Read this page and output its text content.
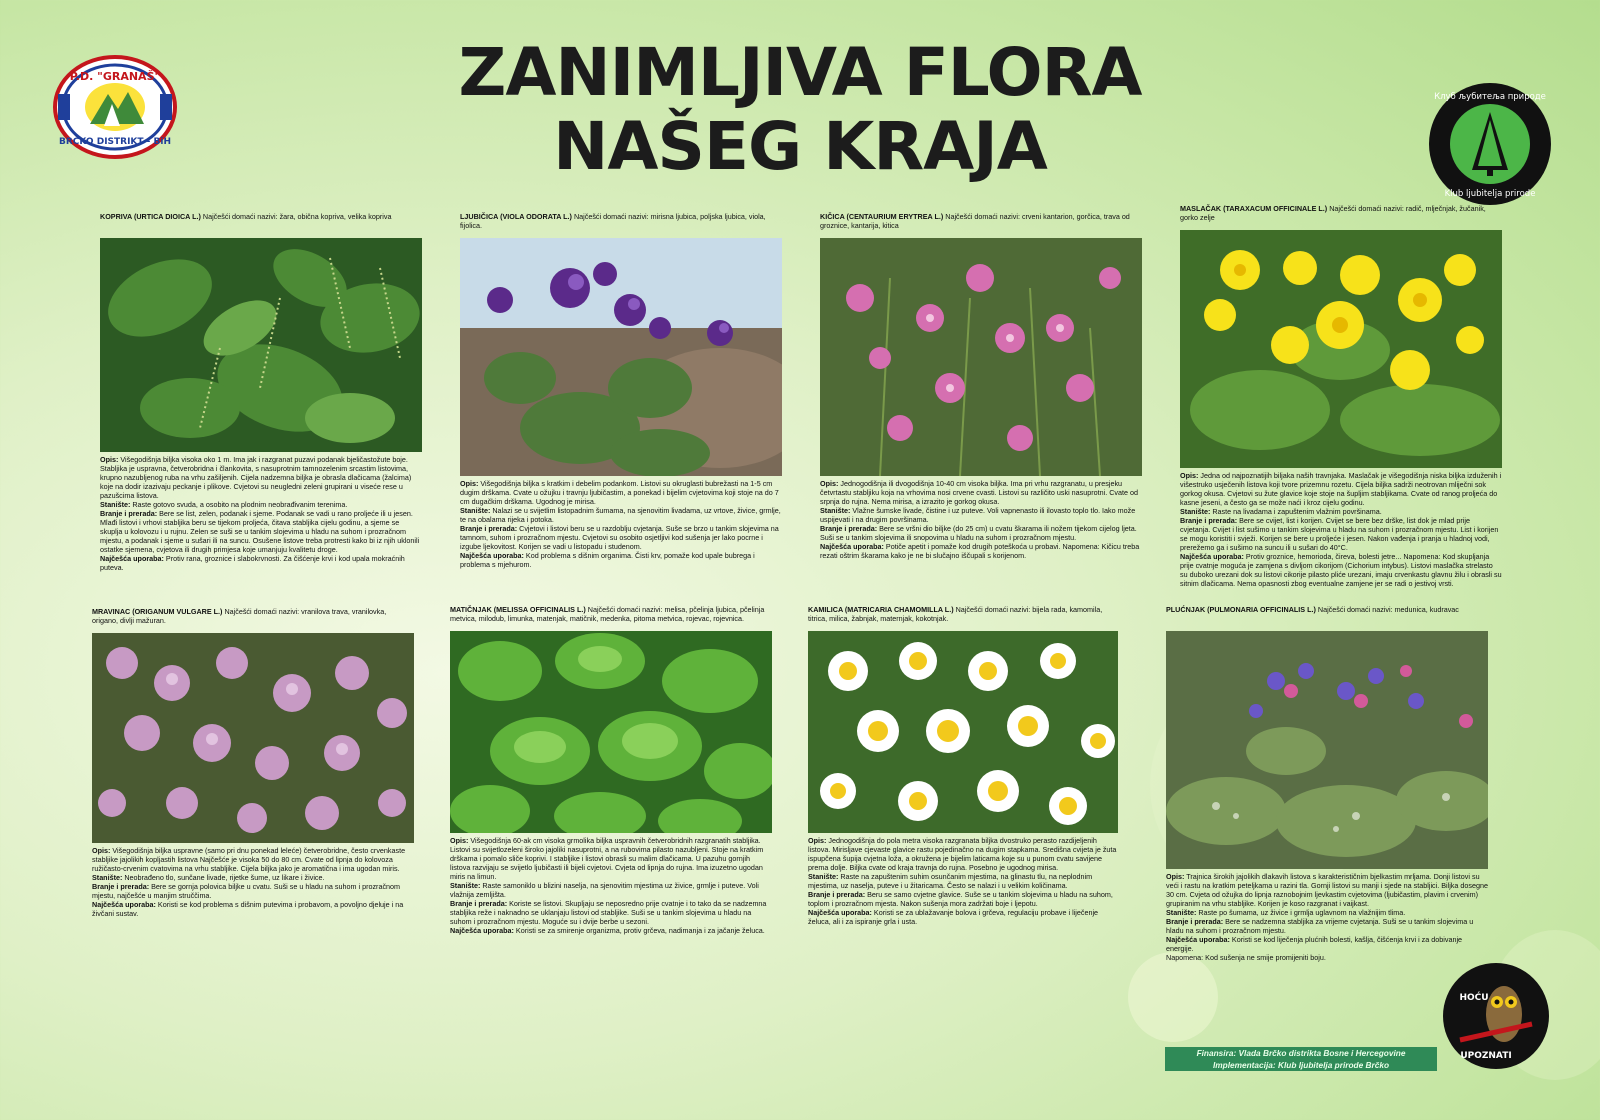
P.D. "GRANAŠ"
BRČKO DISTRIKT - BiH
ZANIMLJIVA FLORA
NAŠEG KRAJA
Клуб љубитеља природе
Klub ljubitelja prirode
KOPRIVA (URTICA DIOICA L.) Najčešći domaći nazivi: žara, obična kopriva, velika kopriva

Opis: Višegodišnja biljka visoka oko 1 m. Ima jak i razgranat puzavi podanak bjeličastožute boje. Stabljika je uspravna, četverobridna i člankovita, s nasuprotnim tamnozelenim srcastim listovima, krupno nazubljenog ruba na vrhu zašiljenih. Cijela nadzemna biljka je obrasla dlačicama (žalcima) koje na dodir izazivaju peckanje i plikove. Cvjetovi su neugledni zeleni grupirani u viseće rese u pazušcima listova.

Stanište: Raste gotovo svuda, a osobito na plodnim neobrađivanim terenima.

Branje i prerada: Bere se list, zelen, podanak i sjeme. Podanak se vadi u rano proljeće ili u jesen. Mlađi listovi i vrhovi stabljika beru se tijekom proljeća, čitava stabljika cijelu godinu, a sjeme se skuplja u kolovozu i u rujnu. Zelen se suši se u tankim slojevima u hladu na suhom i prozračnom mjestu, a podanak i sjeme u sušari ili na suncu. Osušene listove treba protresti kako bi iz njih uklonili ostatke sjemena, cvjetova ili drugih primjesa koje umanjuju kvalitetu droge.

Najčešća uporaba: Protiv rana, groznice i slabokrvnosti. Za čišćenje krvi i kod upala mokraćnih puteva.

LJUBIČICA (VIOLA ODORATA L.) Najčešći domaći nazivi: mirisna ljubica, poljska ljubica, viola, fijolica.

Opis: Višegodišnja biljka s kratkim i debelim podankom. Listovi su okruglasti bubrežasti na 1-5 cm dugim drškama. Cvate u ožujku i travnju ljubičastim, a ponekad i bijelim cvjetovima koji stoje na do 7 cm dugačkim drškama. Ugodnog je mirisa.

Stanište: Nalazi se u svijetlim listopadnim šumama, na sjenovitim livadama, uz vrtove, živice, grmlje, te na obalama rijeka i potoka.

Branje i prerada: Cvjetovi i listovi beru se u razdoblju cvjetanja. Suše se brzo u tankim slojevima na tamnom, suhom i prozračnom mjestu. Cvjetovi su osobito osjetljivi kod sušenja jer lako pocrne i izgube ljekovitost. Korijen se vadi u listopadu i studenom.

Najčešća uporaba: Kod problema s dišnim organima. Čisti krv, pomaže kod upale bubrega i problema s mjehurom.

KIČICA (CENTAURIUM ERYTREA L.) Najčešći domaći nazivi: crveni kantarion, gorčica, trava od groznice, kantarija, kitica

Opis: Jednogodišnja ili dvogodišnja 10-40 cm visoka biljka. Ima pri vrhu razgranatu, u presjeku četvrtastu stabljiku koja na vrhovima nosi crvene cvasti. Listovi su različito uski nasuprotni. Cvate od srpnja do rujna. Nema mirisa, a izrazito je gorkog okusa.

Stanište: Vlažne šumske livade, čistine i uz puteve. Voli vapnenasto ili ilovasto toplo tlo. Iako može uspijevati i na drugim površinama.

Branje i prerada: Bere se vršni dio biljke (do 25 cm) u cvatu škarama ili nožem tijekom cijelog ljeta. Suši se u tankim slojevima ili snopovima u hladu na suhom i prozračnom mjestu.

Najčešća uporaba: Potiče apetit i pomaže kod drugih poteškoća u probavi. Napomena: Kičicu treba rezati oštrim škarama kako je ne bi slučajno iščupali s korijenom.

MASLAČAK (TARAXACUM OFFICINALE L.) Najčešći domaći nazivi: radič, mlječnjak, žučanik, gorko zelje

Opis: Jedna od najpoznatijih biljaka naših travnjaka. Maslačak je višegodišnja niska biljka izduženih i višestruko usječenih listova koji tvore prizemnu rozetu. Cijela biljka sadrži neotrovan mliječni sok gorkog okusa. Cvjetovi su žute glavice koje stoje na šupljim stabljikama. Cvate od ranog proljeća do kasne jeseni, a često ga se može naći i kroz cijelu godinu.

Stanište: Raste na livadama i zapuštenim vlažnim površinama.

Branje i prerada: Bere se cvijet, list i korijen. Cvijet se bere bez drške, list dok je mlad prije cvjetanja. Cvijet i list sušimo u tankim slojevima u hladu na suhom i prozračnom mjestu. List i korijen se mogu koristiti i svježi. Korijen se bere u proljeće i jesen. Nakon vađenja i pranja u hladnoj vodi, prerežemo ga i sušimo na suncu ili u sušari do 40°C.

Najčešća uporaba: Protiv groznice, hemorioda, čireva, bolesti jetre... Napomena: Kod skupljanja prije cvatnje moguća je zamjena s divljom cikorijom (Cichorium intybus). Listovi maslačka strelasto su duboko urezani dok su listovi cikorije pilasto pliće urezani, imaju crvenkastu glavnu žilu i obrasli su sitnim dlačicama. Nema opasnosti zbog eventualne zamjene jer se radi o jestivoj vrsti.

MRAVINAC (ORIGANUM VULGARE L.) Najčešći domaći nazivi: vranilova trava, vranilovka, origano, divlji mažuran.

Opis: Višegodišnja biljka uspravne (samo pri dnu ponekad leleće) četverobridne, često crvenkaste stabljike jajolikih kopljastih listova Najčešće je visoka 50 do 80 cm. Cvate od lipnja do kolovoza ružičasto-crvenim cvatovima na vrhu stabljike. Cijela biljka jako je aromatična i ima ugodan miris.

Stanište: Neobrađeno tlo, sunčane livade, rijetke šume, uz likare i živice.

Branje i prerada: Bere se gornja polovica biljke u cvatu. Suši se u hladu na suhom i prozračnom mjestu, najčešće u manjim struččima.

Najčešća uporaba: Koristi se kod problema s dišnim putevima i probavom, a povoljno djeluje i na živčani sustav.

MATIČNJAK (MELISSA OFFICINALIS L.) Najčešći domaći nazivi: melisa, pčelinja ljubica, pčelinja metvica, milodub, limunka, matenjak, matičnik, medenka, pitoma metvica, rojevac, rojevnica.

Opis: Višegodišnja 60-ak cm visoka grmolika biljka uspravnih četverobridnih razgranatih stabljika. Listovi su svijetlozeleni široko jajoliki nasuprotni, a na rubovima pilasto nazubljeni. Stoje na kratkim drškama i pomalo sliče koprivi. I stabljike i listovi obrasli su malim dlačicama. U pazuhu gornjih listova razvijaju se svijetlo ljubičasti ili bijeli cvjetovi. Cvjeta od lipnja do rujna. Ima izuzetno ugodan miris na limun.

Stanište: Raste samoniklo u blizini naselja, na sjenovitim mjestima uz živice, grmlje i puteve. Voli vlažnija zemljišta.

Branje i prerada: Koriste se listovi. Skupljaju se neposredno prije cvatnje i to tako da se nadzemna stabljika reže i naknadno se uklanjaju listovi od stabljike. Suši se u tankim slojevima u hladu na suhom i prozračnom mjestu. Moguće su i dvije berbe u sezoni.

Najčešća uporaba: Koristi se za smirenje organizma, protiv grčeva, nadimanja i za jačanje želuca.

KAMILICA (MATRICARIA CHAMOMILLA L.) Najčešći domaći nazivi: bijela rada, kamomila, titrica, milica, žabnjak, maternjak, kokotnjak.

Opis: Jednogodišnja do pola metra visoka razgranata biljka dvostruko perasto razdijeljenih listova. Mirisljave cjevaste glavice rastu pojedinačno na dugim stapkama. Središna cvijeta je žuta ispupčena šupija cvjetna loža, a okružena je bijelim laticama koje su u punom cvatu savijene prema dolje. Biljka cvate od kraja travnja do rujna. Posebno je ugodnog mirisa.

Stanište: Raste na zapuštenim suhim osunčanim mjestima, na glinastu tlu, na neplodnim mjestima, uz naselja, puteve i u žitaricama. Često se nalazi i u velikim količinama.

Branje i prerada: Beru se samo cvjetne glavice. Suše se u tankim slojevima u hladu na suhom, toplom i prozračnom mjesta. Nakon sušenja mora zadržati boje i ljepotu.

Najčešća uporaba: Koristi se za ublažavanje bolova i grčeva, regulaciju probave i liječenje želuca, ali i za ispiranje grla i usta.

PLUĆNJAK (PULMONARIA OFFICINALIS L.) Najčešći domaći nazivi: medunica, kudravac

Opis: Trajnica širokih jajolikih dlakavih listova s karakterističnim bjelkastim mrljama. Donji listovi su veći i rastu na kratkim peteljkama u razini tla. Gornji listovi su manji i sjede na stabljici. Biljka dosegne 30 cm. Cvjeta od ožujka do lipnja raznobojnim ljevkastim cvjetovima (ljubičastim, plavim i crvenim) grupiranim na vrhu stabljike. Korijen je koso razgranat i vaijkast.

Stanište: Raste po šumama, uz živice i grmlja uglavnom na vlažnijim tlima.

Branje i prerada: Bere se nadzemna stabljika za vrijeme cvjetanja. Suši se u tankim slojevima u hladu na suhom i prozračnom mjestu.

Najčešća uporaba: Koristi se kod liječenja plućnih bolesti, kašlja, čišćenja krvi i za dobivanje energije.

Napomena: Kod sušenja ne smije promijeniti boju.

Finansira: Vlada Brčko distrikta Bosne i Hercegovine
Implementacija: Klub ljubitelja prirode Brčko
HOĆU
UPOZNATI
